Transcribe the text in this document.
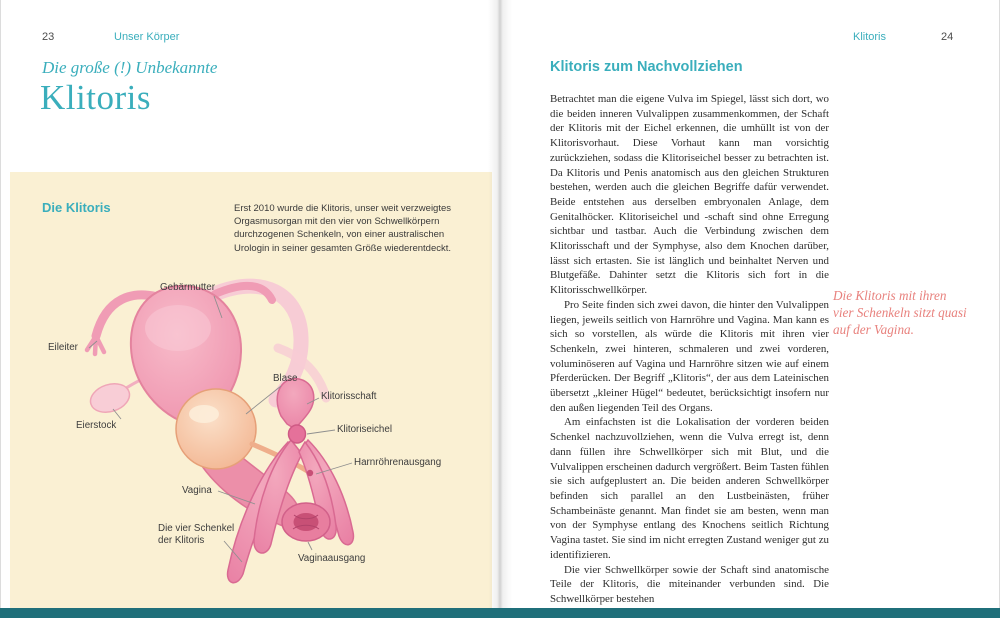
23	Unser Körper
Die große (!) Unbekannte
Klitoris
Die Klitoris	Erst 2010 wurde die Klitoris, unser weit verzweigtes Orgasmusorgan mit den vier von Schwellkörpern durchzogenen Schenkeln, von einer australischen Urologin in seiner gesamten Größe wiederentdeckt.

Gebärmutter
Eileiter
Eierstock
Blase
Klitorisschaft
Klitoriseichel
Harnröhrenausgang
Vagina
Die vier Schenkel der Klitoris
Vaginaausgang
Klitoris	24
Klitoris zum Nachvollziehen

Betrachtet man die eigene Vulva im Spiegel, lässt sich dort, wo die beiden inneren Vulvalippen zusammenkommen, der Schaft der Klitoris mit der Eichel erkennen, die umhüllt ist von der Klitorisvorhaut. Diese Vorhaut kann man vorsichtig zurückziehen, sodass die Klitoriseichel besser zu betrachten ist. Da Klitoris und Penis anatomisch aus den gleichen Strukturen bestehen, werden auch die gleichen Begriffe dafür verwendet. Beide entstehen aus derselben embryonalen Anlage, dem Genitalhöcker. Klitoriseichel und -schaft sind ohne Erregung sichtbar und tastbar. Auch die Verbindung zwischen dem Klitorisschaft und der Symphyse, also dem Knochen darüber, lässt sich ertasten. Sie ist länglich und beinhaltet Nerven und Blutgefäße. Dahinter setzt die Klitoris sich fort in die Klitorisschwellkörper.

Pro Seite finden sich zwei davon, die hinter den Vulvalippen liegen, jeweils seitlich von Harnröhre und Vagina. Man kann es sich so vorstellen, als würde die Klitoris mit ihren vier Schenkeln, zwei hinteren, schmaleren und zwei vorderen, voluminöseren auf Vagina und Harnröhre sitzen wie auf einem Pferderücken. Der Begriff „Klitoris“, der aus dem Lateinischen übersetzt „kleiner Hügel“ bedeutet, berücksichtigt insofern nur den außen liegenden Teil des Organs.

Am einfachsten ist die Lokalisation der vorderen beiden Schenkel nachzuvollziehen, wenn die Vulva erregt ist, denn dann füllen ihre Schwellkörper sich mit Blut, und die Vulvalippen erscheinen dadurch vergrößert. Beim Tasten fühlen sie sich aufgeplustert an. Die beiden anderen Schwellkörper befinden sich parallel an den Lustbeinästen, früher Schambeinäste genannt. Man findet sie am besten, wenn man von der Symphyse entlang des Knochens seitlich Richtung Vagina tastet. Sie sind im nicht erregten Zustand weniger gut zu identifizieren.

Die vier Schwellkörper sowie der Schaft sind anatomische Teile der Klitoris, die miteinander verbunden sind. Die Schwellkörper bestehen

Die Klitoris mit ihren vier Schenkeln sitzt quasi auf der Vagina.
